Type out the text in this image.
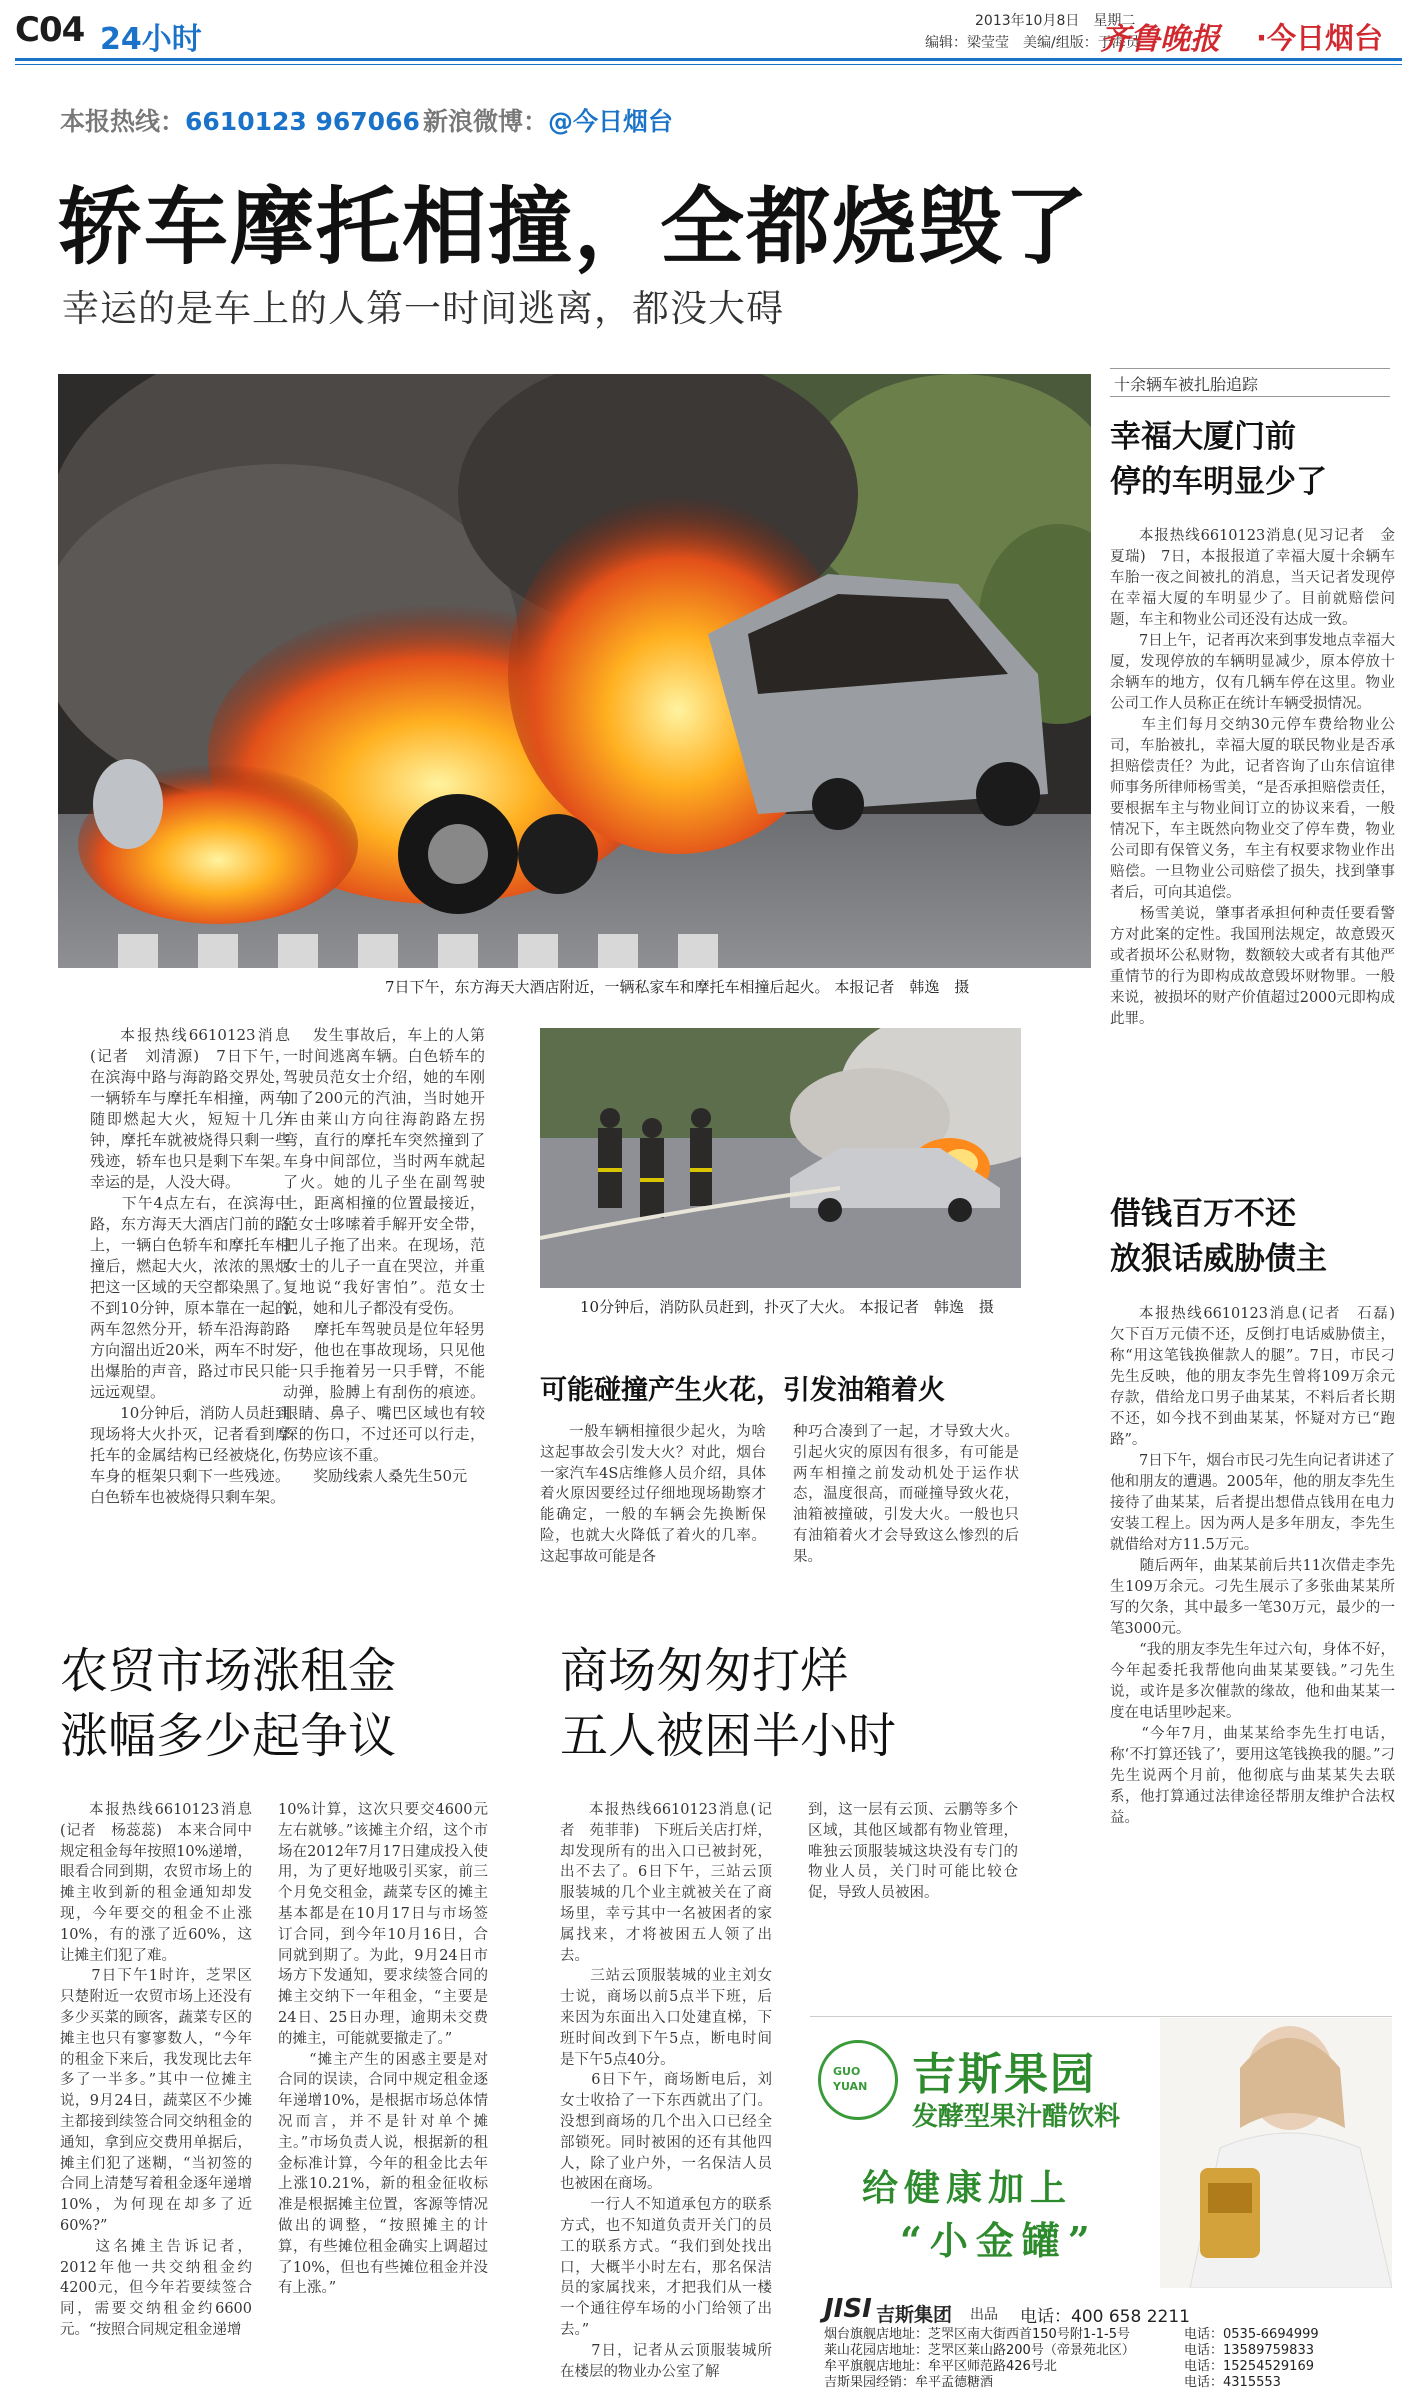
C04 24小时
2013年10月8日　星期二
编辑：梁莹莹　美编/组版：于海员
齐鲁晚报 ·今日烟台
本报热线：6610123 967066 新浪微博：@今日烟台
轿车摩托相撞，全都烧毁了
幸运的是车上的人第一时间逃离，都没大碍
7日下午，东方海天大酒店附近，一辆私家车和摩托车相撞后起火。 本报记者　韩逸　摄

本报热线6610123消息(记者　刘清源)　7日下午，在滨海中路与海韵路交界处，一辆轿车与摩托车相撞，两车随即燃起大火，短短十几分钟，摩托车就被烧得只剩一些残迹，轿车也只是剩下车架。幸运的是，人没大碍。
　　下午4点左右，在滨海中路，东方海天大酒店门前的路上，一辆白色轿车和摩托车相撞后，燃起大火，浓浓的黑烟把这一区域的天空都染黑了。不到10分钟，原本靠在一起的两车忽然分开，轿车沿海韵路方向溜出近20米，两车不时发出爆胎的声音，路过市民只能远远观望。
　　10分钟后，消防人员赶到现场将大火扑灭，记者看到摩托车的金属结构已经被烧化，车身的框架只剩下一些残迹。白色轿车也被烧得只剩车架。

发生事故后，车上的人第一时间逃离车辆。白色轿车的驾驶员范女士介绍，她的车刚加了200元的汽油，当时她开车由莱山方向往海韵路左拐弯，直行的摩托车突然撞到了车身中间部位，当时两车就起了火。她的儿子坐在副驾驶上，距离相撞的位置最接近，范女士哆嗦着手解开安全带，把儿子拖了出来。在现场，范女士的儿子一直在哭泣，并重复地说“我好害怕”。范女士说，她和儿子都没有受伤。
　　摩托车驾驶员是位年轻男子，他也在事故现场，只见他一只手拖着另一只手臂，不能动弹，脸膊上有刮伤的痕迹。眼睛、鼻子、嘴巴区域也有较深的伤口，不过还可以行走，伤势应该不重。
　　奖励线索人桑先生50元

10分钟后，消防队员赶到，扑灭了大火。 本报记者　韩逸　摄
可能碰撞产生火花，引发油箱着火

一般车辆相撞很少起火，为啥这起事故会引发大火？对此，烟台一家汽车4S店维修人员介绍，具体着火原因要经过仔细地现场勘察才能确定，一般的车辆会先换断保险，也就大火降低了着火的几率。这起事故可能是各

种巧合凑到了一起，才导致大火。引起火灾的原因有很多，有可能是两车相撞之前发动机处于运作状态，温度很高，而碰撞导致火花，油箱被撞破，引发大火。一般也只有油箱着火才会导致这么惨烈的后果。

十余辆车被扎胎追踪
幸福大厦门前
停的车明显少了

本报热线6610123消息(见习记者　金夏瑞)　7日，本报报道了幸福大厦十余辆车车胎一夜之间被扎的消息，当天记者发现停在幸福大厦的车明显少了。目前就赔偿问题，车主和物业公司还没有达成一致。
　　7日上午，记者再次来到事发地点幸福大厦，发现停放的车辆明显减少，原本停放十余辆车的地方，仅有几辆车停在这里。物业公司工作人员称正在统计车辆受损情况。
　　车主们每月交纳30元停车费给物业公司，车胎被扎，幸福大厦的联民物业是否承担赔偿责任？为此，记者咨询了山东信谊律师事务所律师杨雪美，“是否承担赔偿责任，要根据车主与物业间订立的协议来看，一般情况下，车主既然向物业交了停车费，物业公司即有保管义务，车主有权要求物业作出赔偿。一旦物业公司赔偿了损失，找到肇事者后，可向其追偿。
　　杨雪美说，肇事者承担何种责任要看警方对此案的定性。我国刑法规定，故意毁灭或者损坏公私财物，数额较大或者有其他严重情节的行为即构成故意毁坏财物罪。一般来说，被损坏的财产价值超过2000元即构成此罪。

借钱百万不还
放狠话威胁债主

本报热线6610123消息(记者　石磊)　欠下百万元债不还，反倒打电话威胁债主，称“用这笔钱换催款人的腿”。7日，市民刁先生反映，他的朋友李先生曾将109万余元存款，借给龙口男子曲某某，不料后者长期不还，如今找不到曲某某，怀疑对方已“跑路”。
　　7日下午，烟台市民刁先生向记者讲述了他和朋友的遭遇。2005年，他的朋友李先生接待了曲某某，后者提出想借点钱用在电力安装工程上。因为两人是多年朋友，李先生就借给对方11.5万元。
　　随后两年，曲某某前后共11次借走李先生109万余元。刁先生展示了多张曲某某所写的欠条，其中最多一笔30万元，最少的一笔3000元。
　　“我的朋友李先生年过六旬，身体不好，今年起委托我帮他向曲某某要钱。”刁先生说，或许是多次催款的缘故，他和曲某某一度在电话里吵起来。
　　“今年7月，曲某某给李先生打电话，称‘不打算还钱了’，要用这笔钱换我的腿。”刁先生说两个月前，他彻底与曲某某失去联系，他打算通过法律途径帮朋友维护合法权益。

农贸市场涨租金
涨幅多少起争议

本报热线6610123消息(记者　杨蕊蕊)　本来合同中规定租金每年按照10%递增，眼看合同到期，农贸市场上的摊主收到新的租金通知却发现，今年要交的租金不止涨10%，有的涨了近60%，这让摊主们犯了难。
　　7日下午1时许，芝罘区只楚附近一农贸市场上还没有多少买菜的顾客，蔬菜专区的摊主也只有寥寥数人，“今年的租金下来后，我发现比去年多了一半多。”其中一位摊主说，9月24日，蔬菜区不少摊主都接到续签合同交纳租金的通知，拿到应交费用单据后，摊主们犯了迷糊，“当初签的合同上清楚写着租金逐年递增10%，为何现在却多了近60%?”
　　这名摊主告诉记者，2012年他一共交纳租金约4200元，但今年若要续签合同，需要交纳租金约6600元。“按照合同规定租金递增

10%计算，这次只要交4600元左右就够。”该摊主介绍，这个市场在2012年7月17日建成投入使用，为了更好地吸引买家，前三个月免交租金，蔬菜专区的摊主基本都是在10月17日与市场签订合同，到今年10月16日，合同就到期了。为此，9月24日市场方下发通知，要求续签合同的摊主交纳下一年租金，“主要是24日、25日办理，逾期未交费的摊主，可能就要撤走了。”
　　“摊主产生的困惑主要是对合同的误读，合同中规定租金逐年递增10%，是根据市场总体情况而言，并不是针对单个摊主。”市场负责人说，根据新的租金标准计算，今年的租金比去年上涨10.21%，新的租金征收标准是根据摊主位置，客源等情况做出的调整，“按照摊主的计算，有些摊位租金确实上调超过了10%，但也有些摊位租金并没有上涨。”

商场匆匆打烊
五人被困半小时

本报热线6610123消息(记者　苑菲菲)　下班后关店打烊，却发现所有的出入口已被封死，出不去了。6日下午，三站云顶服装城的几个业主就被关在了商场里，幸亏其中一名被困者的家属找来，才将被困五人领了出去。
　　三站云顶服装城的业主刘女士说，商场以前5点半下班，后来因为东面出入口处建直梯，下班时间改到下午5点，断电时间是下午5点40分。
　　6日下午，商场断电后，刘女士收拾了一下东西就出了门。没想到商场的几个出入口已经全部锁死。同时被困的还有其他四人，除了业户外，一名保洁人员也被困在商场。
　　一行人不知道承包方的联系方式，也不知道负责开关门的员工的联系方式。“我们到处找出口，大概半小时左右，那名保洁员的家属找来，才把我们从一楼一个通往停车场的小门给领了出去。”
　　7日，记者从云顶服装城所在楼层的物业办公室了解

到，这一层有云顶、云鹏等多个区域，其他区域都有物业管理，唯独云顶服装城这块没有专门的物业人员，关门时可能比较仓促，导致人员被困。

GUO
YUAN 吉斯果园
发酵型果汁醋饮料
给健康加上
“小金罐”
JISI 吉斯集团 出品 电话：400 658 2211
烟台旗舰店地址：芝罘区南大街西首150号附1-1-5号	电话：0535-6694999
莱山花园店地址：芝罘区莱山路200号（帝景苑北区）	电话：13589759833
牟平旗舰店地址：牟平区师范路426号北	电话：15254529169
吉斯果园经销：牟平孟德糖酒	电话：4315553
